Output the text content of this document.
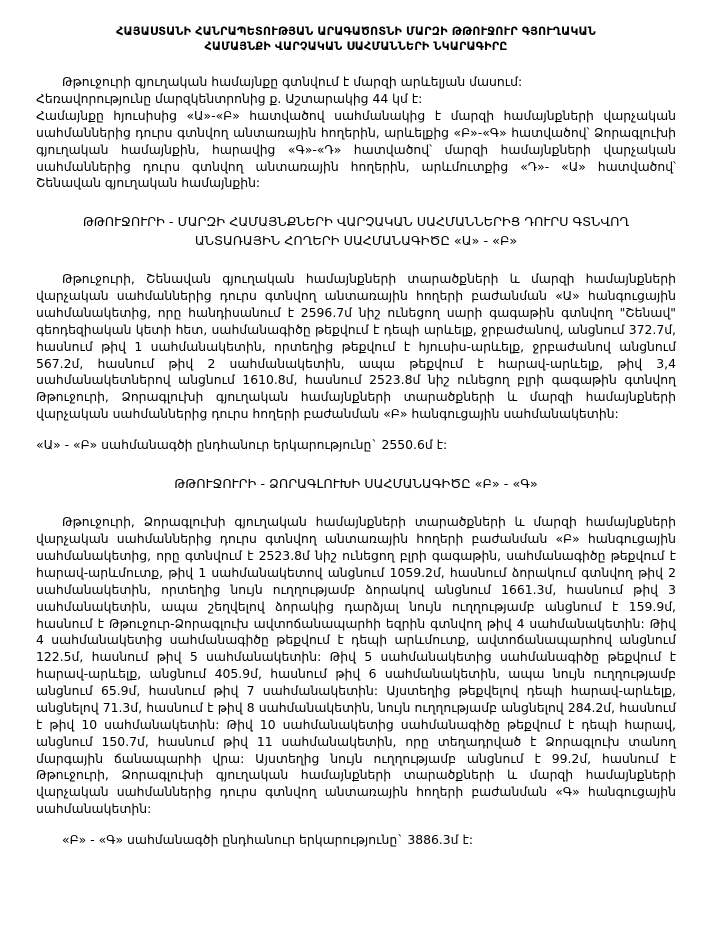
ՀԱՅԱՍՏԱՆԻ ՀԱՆՐԱՊԵՏՈՒԹՅԱՆ ԱՐԱԳԱԾՈՏՆԻ ՄԱՐԶԻ ԹԹՈՒՋՈՒՐ ԳՅՈՒՂԱԿԱՆ
ՀԱՄԱՅՆՔԻ ՎԱՐՉԱԿԱՆ ՍԱՀՄԱՆՆԵՐԻ ՆԿԱՐԱԳԻՐԸ

Թթուջուրի գյուղական համայնքը գտնվում է մարզի արևելյան մասում:

Հեռավորությունը մարզկենտրոնից ք. Աշտարակից 44 կմ է:

Համայնքը հյուսիսից «Ա»-«Բ» հատվածով սահմանակից է մարզի համայնքների վարչական սահմաններից դուրս գտնվող անտառային հողերին, արևելքից «Բ»-«Գ» հատվածով՝ Ձորագլուխի գյուղական համայնքին, հարավից «Գ»-«Դ» հատվածով՝ մարզի համայնքների վարչական սահմաններից դուրս գտնվող անտառային հողերին, արևմուտքից «Դ»- «Ա» հատվածով՝ Շենավան գյուղական համայնքին:

ԹԹՈՒՋՈՒՐԻ - ՄԱՐԶԻ ՀԱՄԱՅՆՔՆԵՐԻ ՎԱՐՉԱԿԱՆ ՍԱՀՄԱՆՆԵՐԻՑ ԴՈՒՐՍ ԳՏՆՎՈՂ
ԱՆՏԱՌԱՅԻՆ ՀՈՂԵՐԻ ՍԱՀՄԱՆԱԳԻԾԸ «Ա» - «Բ»

Թթուջուրի, Շենավան գյուղական համայնքների տարածքների և մարզի համայնքների վարչական սահմաններից դուրս գտնվող անտառային հողերի բաժանման «Ա» հանգուցային սահմանակետից, որը հանդիսանում է 2596.7մ նիշ ունեցող սարի գագաթին գտնվող "Շենավ" գեոդեզիական կետի հետ, սահմանագիծը թեքվում է դեպի արևելք, ջրբաժանով, անցնում 372.7մ, հասնում թիվ 1 սահմանակետին, որտեղից թեքվում է հյուսիս-արևելք, ջրբաժանով անցնում 567.2մ, հասնում թիվ 2 սահմանակետին, ապա թեքվում է հարավ-արևելք, թիվ 3,4 սահմանակետներով անցնում 1610.8մ, հասնում 2523.8մ նիշ ունեցող բլրի գագաթին գտնվող Թթուջուրի, Ձորագլուխի գյուղական համայնքների տարածքների և մարզի համայնքների վարչական սահմաններից դուրս հողերի բաժանման «Բ» հանգուցային սահմանակետին:

«Ա» - «Բ» սահմանագծի ընդհանուր երկարությունը` 2550.6մ է:

ԹԹՈՒՋՈՒՐԻ - ՁՈՐԱԳԼՈՒԽԻ ՍԱՀՄԱՆԱԳԻԾԸ «Բ» - «Գ»

Թթուջուրի, Ձորագլուխի գյուղական համայնքների տարածքների և մարզի համայնքների վարչական սահմաններից դուրս գտնվող անտառային հողերի բաժանման «Բ» հանգուցային սահմանակետից, որը գտնվում է 2523.8մ նիշ ունեցող բլրի գագաթին, սահմանագիծը թեքվում է հարավ-արևմուտք, թիվ 1 սահմանակետով անցնում 1059.2մ, հասնում ձորակում գտնվող թիվ 2 սահմանակետին, որտեղից նույն ուղղությամբ ձորակով անցնում 1661.3մ, հասնում թիվ 3 սահմանակետին, ապա շեղվելով ձորակից դարձյալ նույն ուղղությամբ անցնում է 159.9մ, հասնում է Թթուջուր-Ձորագլուխ ավտոճանապարհի եզրին գտնվող թիվ 4 սահմանակետին: Թիվ 4 սահմանակետից սահմանագիծը թեքվում է դեպի արևմուտք, ավտոճանապարհով անցնում 122.5մ, հասնում թիվ 5 սահմանակետին: Թիվ 5 սահմանակետից սահմանագիծը թեքվում է հարավ-արևելք, անցնում 405.9մ, հասնում թիվ 6 սահմանակետին, ապա նույն ուղղությամբ անցնում 65.9մ, հասնում թիվ 7 սահմանակետին: Այստեղից թեքվելով դեպի հարավ-արևելք, անցնելով 71.3մ, հասնում է թիվ 8 սահմանակետին, նույն ուղղությամբ անցնելով 284.2մ, հասնում է թիվ 10 սահմանակետին: Թիվ 10 սահմանակետից սահմանագիծը թեքվում է դեպի հարավ, անցնում 150.7մ, հասնում թիվ 11 սահմանակետին, որը տեղադրված է Ձորագլուխ տանող մարգային ճանապարհի վրա: Այստեղից նույն ուղղությամբ անցնում է 99.2մ, հասնում է Թթուջուրի, Ձորագլուխի գյուղական համայնքների տարածքների և մարզի համայնքների վարչական սահմաններից դուրս գտնվող անտառային հողերի բաժանման «Գ» հանգուցային սահմանակետին:

«Բ» - «Գ» սահմանագծի ընդհանուր երկարությունը` 3886.3մ է:
